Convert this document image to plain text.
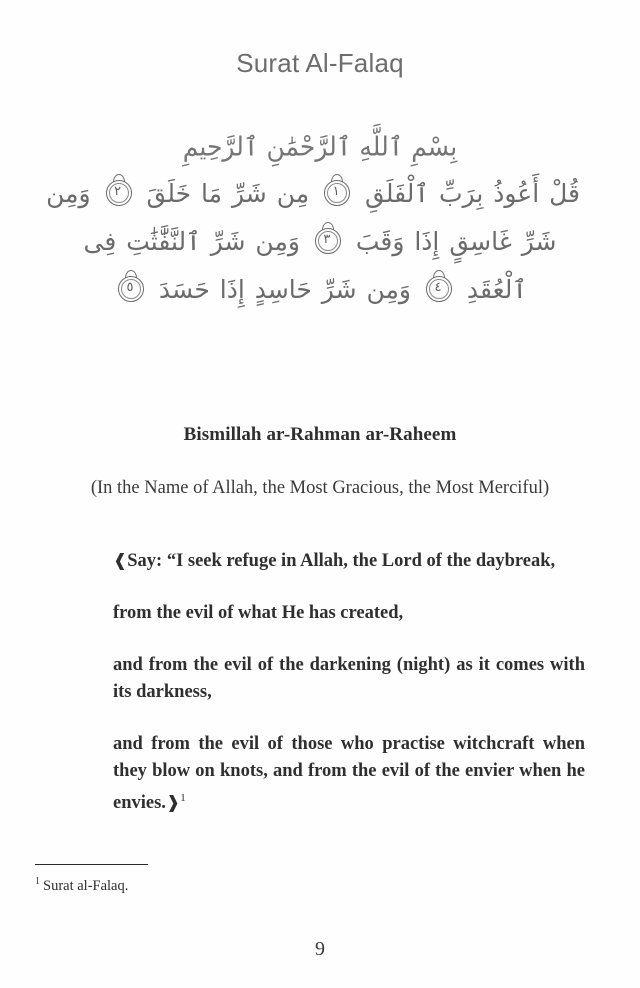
Surat Al-Falaq
بِسْمِ ٱللَّهِ ٱلرَّحْمَٰنِ ٱلرَّحِيمِ
قُلْ أَعُوذُ بِرَبِّ ٱلْفَلَقِ
١
مِن شَرِّ مَا خَلَقَ
٢
وَمِن
شَرِّ غَاسِقٍ إِذَا وَقَبَ
٣
وَمِن شَرِّ ٱلنَّفَّٰثَٰتِ فِى
ٱلْعُقَدِ
٤
وَمِن شَرِّ حَاسِدٍ إِذَا حَسَدَ
٥
Bismillah ar-Rahman ar-Raheem
(In the Name of Allah, the Most Gracious, the Most Merciful)

❰Say: “I seek refuge in Allah, the Lord of the daybreak,

from the evil of what He has created,

and from the evil of the darkening (night) as it comes with its darkness,

and from the evil of those who practise witchcraft when they blow on knots, and from the evil of the envier when he envies.❱$^1$

$^1$ Surat al-Falaq.
9
